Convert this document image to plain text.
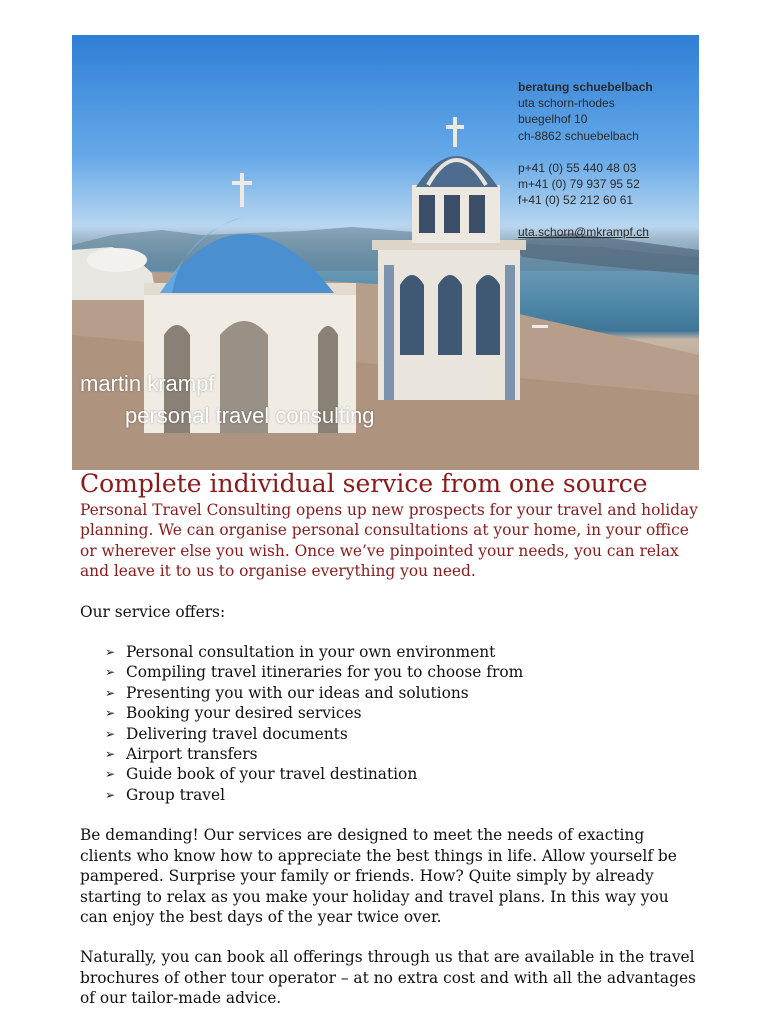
beratung schuebelbach
uta schorn-rhodes
buegelhof 10
ch-8862 schuebelbach
p+41 (0) 55 440 48 03
m+41 (0) 79 937 95 52
f+41 (0) 52 212 60 61
uta.schorn@mkrampf.ch
martin krampf
personal travel consulting
Complete individual service from one source
Personal Travel Consulting opens up new prospects for your travel and holiday planning. We can organise personal consultations at your home, in your office or wherever else you wish. Once we’ve pinpointed your needs, you can relax and leave it to us to organise everything you need.

Our service offers:

➢ Personal consultation in your own environment
➢ Compiling travel itineraries for you to choose from
➢ Presenting you with our ideas and solutions
➢ Booking your desired services
➢ Delivering travel documents
➢ Airport transfers
➢ Guide book of your travel destination
➢ Group travel

Be demanding! Our services are designed to meet the needs of exacting clients who know how to appreciate the best things in life. Allow yourself be pampered. Surprise your family or friends. How? Quite simply by already starting to relax as you make your holiday and travel plans. In this way you can enjoy the best days of the year twice over.

Naturally, you can book all offerings through us that are available in the travel brochures of other tour operator – at no extra cost and with all the advantages of our tailor-made advice.
